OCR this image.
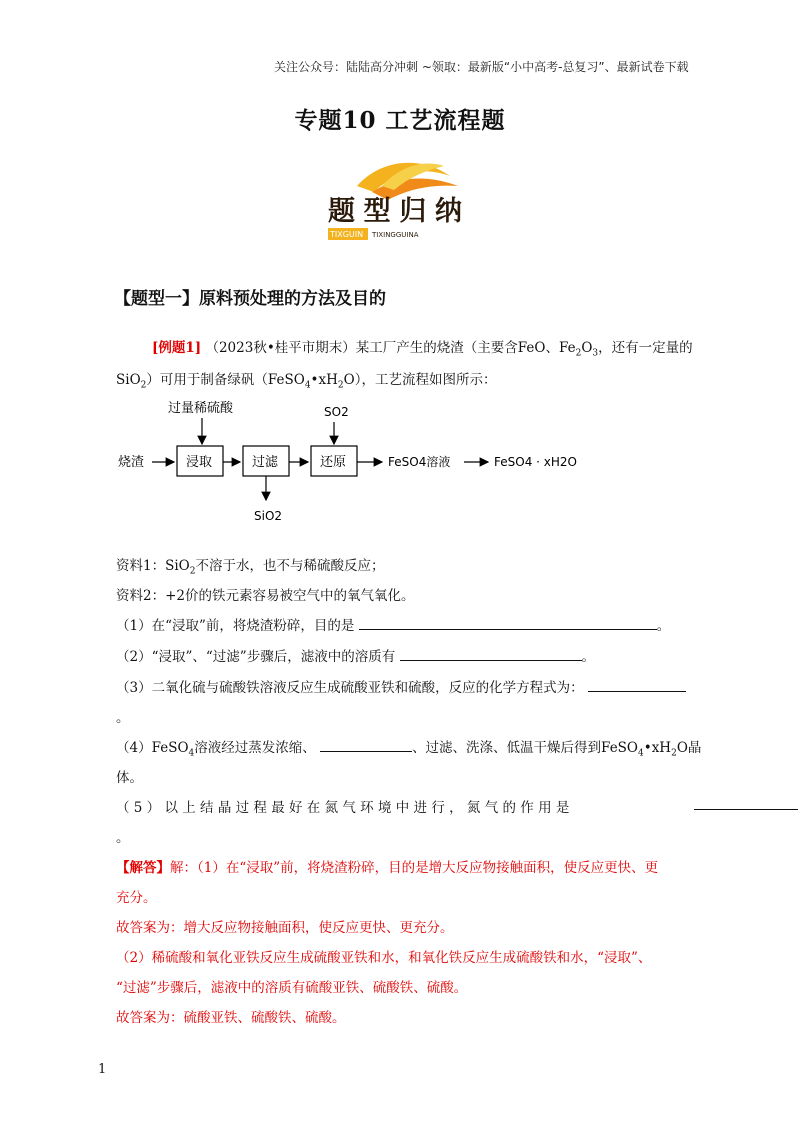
关注公众号：陆陆高分冲刺 ~领取：最新版“小中高考-总复习”、最新试卷下载
专题10 工艺流程题
题型归纳
TIXGUIN TIXINGGUINA
【题型一】原料预处理的方法及目的
[例题1] （2023秋•桂平市期末）某工厂产生的烧渣（主要含FeO、$Fe_2O_3$，还有一定量的
SiO$_2$）可用于制备绿矾$(FeSO_4•xH_2O)$，工艺流程如图所示：
过量稀硫酸
烧渣	浸取	过滤
SiO2
SO2
还原	FeSO4溶液	FeSO4 · xH2O
资料1：SiO$_2$不溶于水，也不与稀硫酸反应；
资料2：+2价的铁元素容易被空气中的氧气氧化。
（1）在“浸取”前，将烧渣粉碎，目的是	。
（2）“浸取”、“过滤”步骤后，滤液中的溶质有	。
（3）二氧化硫与硫酸铁溶液反应生成硫酸亚铁和硫酸，反应的化学方程式为：
。
（4）FeSO$_4$溶液经过蒸发浓缩、	、过滤、洗涤、低温干燥后得到$FeSO_4•xH_2O$晶
体。
（ 5 ） 以 上 结 晶 过 程 最 好 在 氮 气 环 境 中 进 行 ， 氮 气 的 作 用 是
。
【解答】解：（1）在“浸取”前，将烧渣粉碎，目的是增大反应物接触面积，使反应更快、更
充分。
故答案为：增大反应物接触面积，使反应更快、更充分。
（2）稀硫酸和氧化亚铁反应生成硫酸亚铁和水，和氧化铁反应生成硫酸铁和水，“浸取”、
“过滤”步骤后，滤液中的溶质有硫酸亚铁、硫酸铁、硫酸。
故答案为：硫酸亚铁、硫酸铁、硫酸。
1
